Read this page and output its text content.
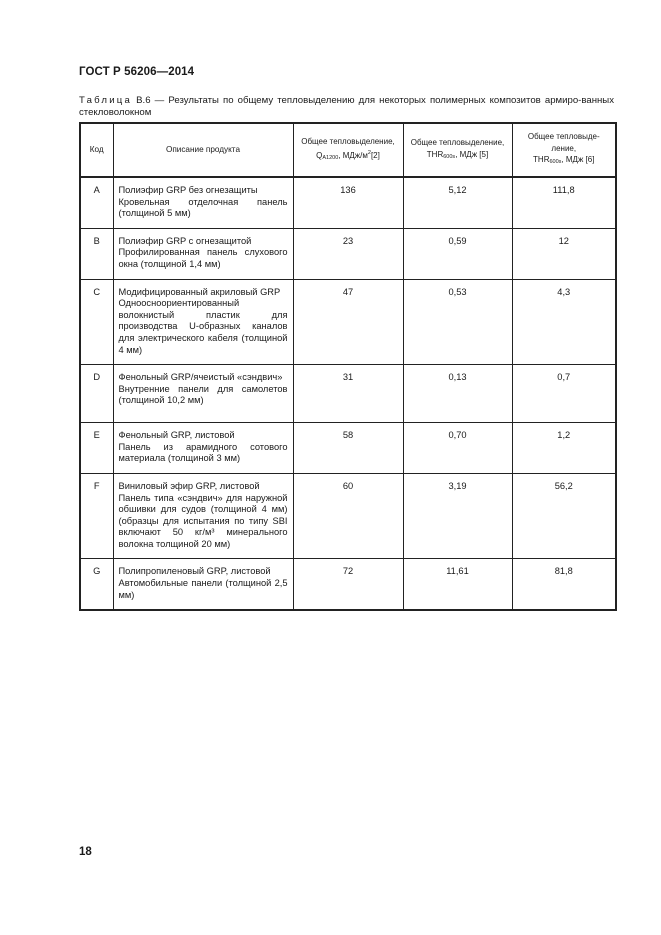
ГОСТ Р 56206—2014
Таблица В.6 — Результаты по общему тепловыделению для некоторых полимерных композитов армиро-ванных стекловолокном
Код	Описание продукта	Общее тепловыделение,
QA1200, МДж/$м^2[2]$	Общее тепловыделение,
THR600s, МДж [5]	Общее тепловыде-ление,
THR600s, МДж [6]
A	Полиэфир GRP без огнезащиты
Кровельная отделочная панель (толщиной 5 мм)	136	5,12	111,8
B	Полиэфир GRP с огнезащитой
Профилированная панель слухового окна (толщиной 1,4 мм)	23	0,59	12
C	Модифицированный акриловый GRP
Одноосноориентированный волокнистый пластик для производства U-образных каналов для электрического кабеля (толщиной 4 мм)	47	0,53	4,3
D	Фенольный GRP/ячеистый «сэндвич»
Внутренние панели для самолетов (толщиной 10,2 мм)	31	0,13	0,7
E	Фенольный GRP, листовой
Панель из арамидного сотового материала (толщиной 3 мм)	58	0,70	1,2
F	Виниловый эфир GRP, листовой
Панель типа «сэндвич» для наружной обшивки для судов (толщиной 4 мм) (образцы для испытания по типу SBI включают 50 кг/м³ минерального волокна толщиной 20 мм)	60	3,19	56,2
G	Полипропиленовый GRP, листовой
Автомобильные панели (толщиной 2,5 мм)	72	11,61	81,8
18
